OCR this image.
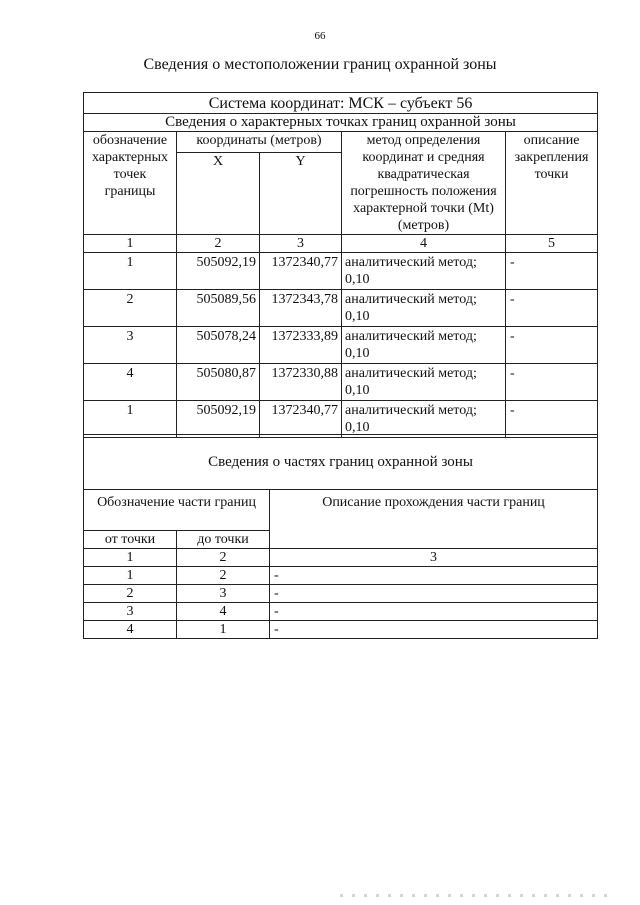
66
Сведения о местоположении границ охранной зоны
Система координат: МСК – субъект 56				
Сведения о характерных точках границ охранной зоны				
обозначение характерных точек границы	координаты (метров)		метод определения координат и средняя квадратическая погрешность положения характерной точки (Mt) (метров)	описание закрепления точки
	X	Y		
1	2	3	4	5
1	505092,19	1372340,77	аналитический метод; 0,10	-
2	505089,56	1372343,78	аналитический метод; 0,10	-
3	505078,24	1372333,89	аналитический метод; 0,10	-
4	505080,87	1372330,88	аналитический метод; 0,10	-
1	505092,19	1372340,77	аналитический метод; 0,10	-
Сведения о частях границ охранной зоны		
Обозначение части границ		Описание прохождения части границ
от точки	до точки	
1	2	3
1	2	-
2	3	-
3	4	-
4	1	-
